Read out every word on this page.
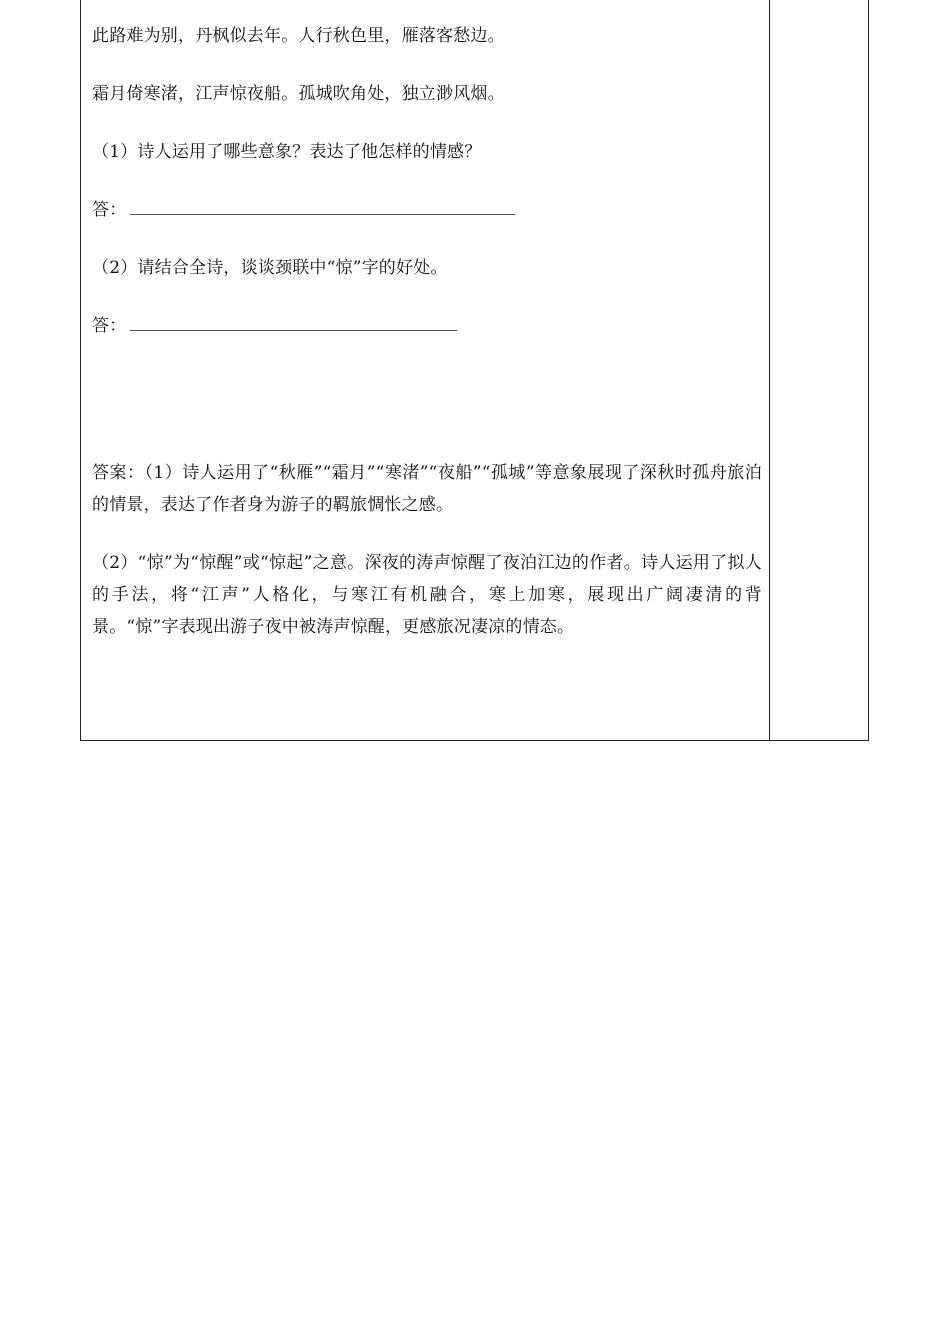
此路难为别，丹枫似去年。人行秋色里，雁落客愁边。
霜月倚寒渚，江声惊夜船。孤城吹角处，独立渺风烟。
（1）诗人运用了哪些意象？表达了他怎样的情感？
答：
（2）请结合全诗，谈谈颈联中“惊”字的好处。
答：
答案：（1）诗人运用了“秋雁”“霜月”“寒渚”“夜船”“孤城”等意象展现了深秋时孤舟旅泊的情景，表达了作者身为游子的羁旅惆怅之感。
（2）“惊”为“惊醒”或“惊起”之意。深夜的涛声惊醒了夜泊江边的作者。诗人运用了拟人的手法，将“江声”人格化，与寒江有机融合，寒上加寒，展现出广阔凄清的背景。“惊”字表现出游子夜中被涛声惊醒，更感旅况凄凉的情态。
